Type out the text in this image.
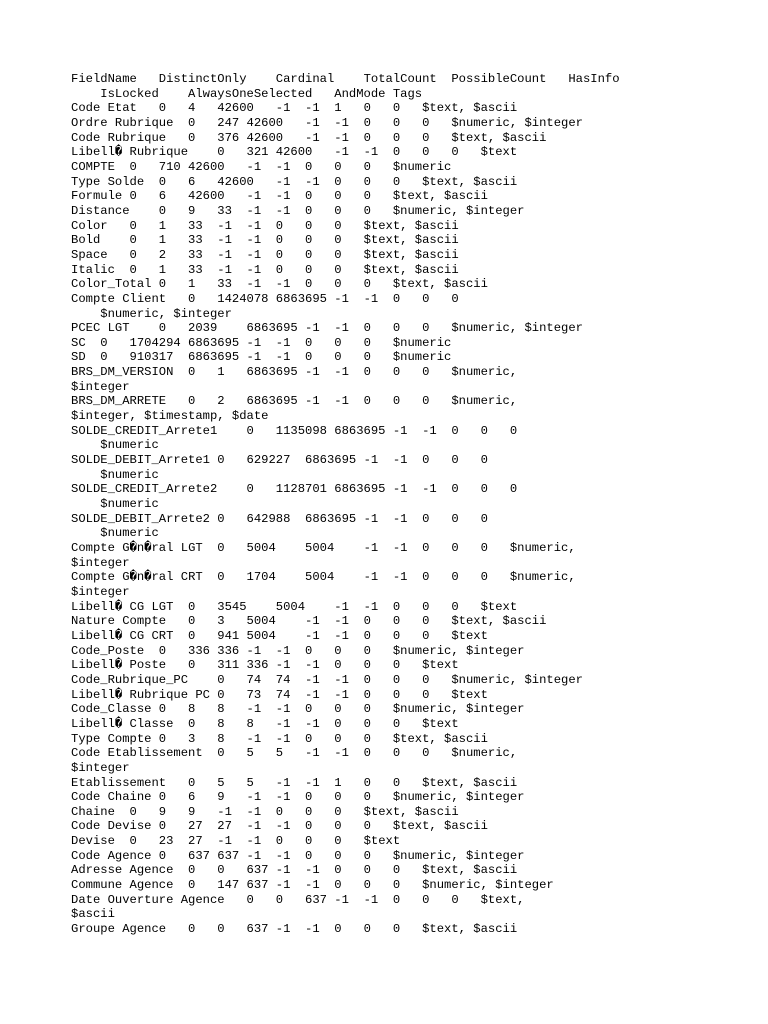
FieldName	DistinctOnly	Cardinal	TotalCount	PossibleCount	HasInfo
	IsLocked	AlwaysOneSelected	AndMode	Tags
Code Etat	0	4	42600	-1	-1	1	0	0	$text, $ascii
Ordre Rubrique	0	247	42600	-1	-1	0	0	0	$numeric, $integer
Code Rubrique	0	376	42600	-1	-1	0	0	0	$text, $ascii
Libell� Rubrique	0	321	42600	-1	-1	0	0	0	$text
COMPTE	0	710	42600	-1	-1	0	0	0	$numeric
Type Solde	0	6	42600	-1	-1	0	0	0	$text, $ascii
Formule	0	6	42600	-1	-1	0	0	0	$text, $ascii
Distance	0	9	33	-1	-1	0	0	0	$numeric, $integer
Color	0	1	33	-1	-1	0	0	0	$text, $ascii
Bold	0	1	33	-1	-1	0	0	0	$text, $ascii
Space	0	2	33	-1	-1	0	0	0	$text, $ascii
Italic	0	1	33	-1	-1	0	0	0	$text, $ascii
Color_Total	0	1	33	-1	-1	0	0	0	$text, $ascii
Compte Client	0	1424078	6863695	-1	-1	0	0	0
	$numeric, $integer
PCEC LGT	0	2039	6863695	-1	-1	0	0	0	$numeric, $integer
SC	0	1704294	6863695	-1	-1	0	0	0	$numeric
SD	0	910317	6863695	-1	-1	0	0	0	$numeric
BRS_DM_VERSION	0	1	6863695	-1	-1	0	0	0	$numeric,
$integer
BRS_DM_ARRETE	0	2	6863695	-1	-1	0	0	0	$numeric,
$integer, $timestamp, $date
SOLDE_CREDIT_Arrete1	0	1135098	6863695	-1	-1	0	0	0
	$numeric
SOLDE_DEBIT_Arrete1	0	629227	6863695	-1	-1	0	0	0
	$numeric
SOLDE_CREDIT_Arrete2	0	1128701	6863695	-1	-1	0	0	0
	$numeric
SOLDE_DEBIT_Arrete2	0	642988	6863695	-1	-1	0	0	0
	$numeric
Compte G�n�ral LGT	0	5004	5004	-1	-1	0	0	0	$numeric,
$integer
Compte G�n�ral CRT	0	1704	5004	-1	-1	0	0	0	$numeric,
$integer
Libell� CG LGT	0	3545	5004	-1	-1	0	0	0	$text
Nature Compte	0	3	5004	-1	-1	0	0	0	$text, $ascii
Libell� CG CRT	0	941	5004	-1	-1	0	0	0	$text
Code_Poste	0	336	336	-1	-1	0	0	0	$numeric, $integer
Libell� Poste	0	311	336	-1	-1	0	0	0	$text
Code_Rubrique_PC	0	74	74	-1	-1	0	0	0	$numeric, $integer
Libell� Rubrique PC	0	73	74	-1	-1	0	0	0	$text
Code_Classe	0	8	8	-1	-1	0	0	0	$numeric, $integer
Libell� Classe	0	8	8	-1	-1	0	0	0	$text
Type Compte	0	3	8	-1	-1	0	0	0	$text, $ascii
Code Etablissement	0	5	5	-1	-1	0	0	0	$numeric,
$integer
Etablissement	0	5	5	-1	-1	1	0	0	$text, $ascii
Code Chaine	0	6	9	-1	-1	0	0	0	$numeric, $integer
Chaine	0	9	9	-1	-1	0	0	0	$text, $ascii
Code Devise	0	27	27	-1	-1	0	0	0	$text, $ascii
Devise	0	23	27	-1	-1	0	0	0	$text
Code Agence	0	637	637	-1	-1	0	0	0	$numeric, $integer
Adresse Agence	0	0	637	-1	-1	0	0	0	$text, $ascii
Commune Agence	0	147	637	-1	-1	0	0	0	$numeric, $integer
Date Ouverture Agence	0	0	637	-1	-1	0	0	0	$text,
$ascii
Groupe Agence	0	0	637	-1	-1	0	0	0	$text, $ascii
